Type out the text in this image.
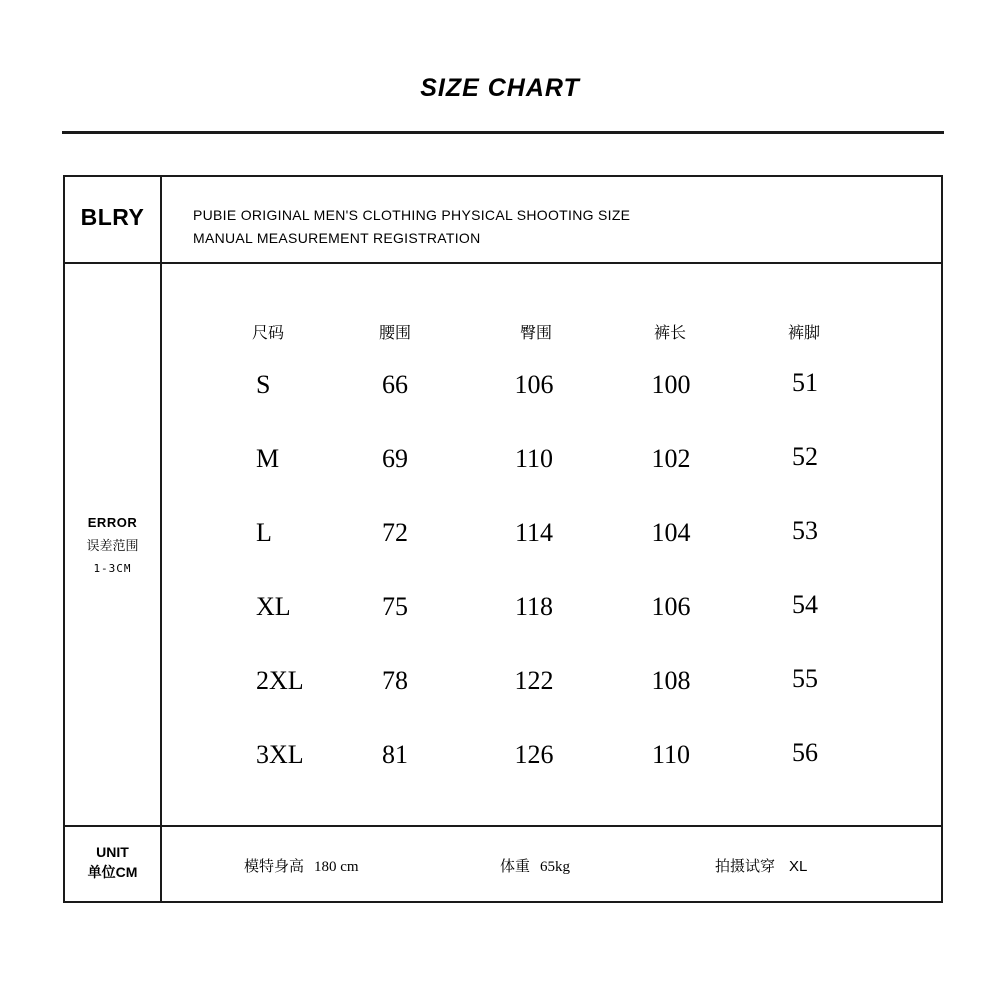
SIZE CHART
BLRY	PUBIE ORIGINAL MEN'S CLOTHING PHYSICAL SHOOTING SIZE
MANUAL MEASUREMENT REGISTRATION
ERROR
误差范围
1-3CM
UNIT
单位CM
尺码	腰围	臀围	裤长	裤脚
S	66	106	100	51
M	69	110	102	52
L	72	114	104	53
XL	75	118	106	54
2XL	78	122	108	55
3XL	81	126	110	56
模特身高 180 cm	体重 65kg	拍摄试穿 XL
